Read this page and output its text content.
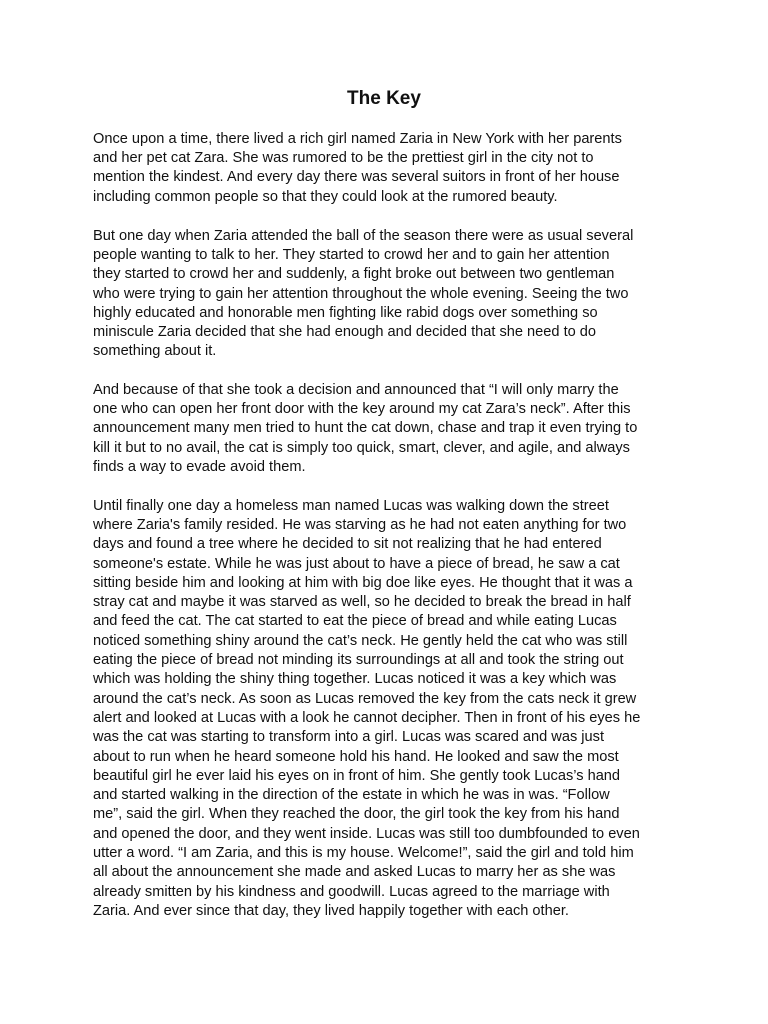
The Key
Once upon a time, there lived a rich girl named Zaria in New York with her parents
and her pet cat Zara. She was rumored to be the prettiest girl in the city not to
mention the kindest. And every day there was several suitors in front of her house
including common people so that they could look at the rumored beauty.
But one day when Zaria attended the ball of the season there were as usual several
people wanting to talk to her. They started to crowd her and to gain her attention
they started to crowd her and suddenly, a fight broke out between two gentleman
who were trying to gain her attention throughout the whole evening. Seeing the two
highly educated and honorable men fighting like rabid dogs over something so
miniscule Zaria decided that she had enough and decided that she need to do
something about it.
And because of that she took a decision and announced that “I will only marry the
one who can open her front door with the key around my cat Zara’s neck”. After this
announcement many men tried to hunt the cat down, chase and trap it even trying to
kill it but to no avail, the cat is simply too quick, smart, clever, and agile, and always
finds a way to evade avoid them.
Until finally one day a homeless man named Lucas was walking down the street
where Zaria's family resided. He was starving as he had not eaten anything for two
days and found a tree where he decided to sit not realizing that he had entered
someone's estate. While he was just about to have a piece of bread, he saw a cat
sitting beside him and looking at him with big doe like eyes. He thought that it was a
stray cat and maybe it was starved as well, so he decided to break the bread in half
and feed the cat. The cat started to eat the piece of bread and while eating Lucas
noticed something shiny around the cat’s neck. He gently held the cat who was still
eating the piece of bread not minding its surroundings at all and took the string out
which was holding the shiny thing together. Lucas noticed it was a key which was
around the cat’s neck. As soon as Lucas removed the key from the cats neck it grew
alert and looked at Lucas with a look he cannot decipher. Then in front of his eyes he
was the cat was starting to transform into a girl. Lucas was scared and was just
about to run when he heard someone hold his hand. He looked and saw the most
beautiful girl he ever laid his eyes on in front of him. She gently took Lucas’s hand
and started walking in the direction of the estate in which he was in was. “Follow
me”, said the girl. When they reached the door, the girl took the key from his hand
and opened the door, and they went inside. Lucas was still too dumbfounded to even
utter a word. “I am Zaria, and this is my house. Welcome!”, said the girl and told him
all about the announcement she made and asked Lucas to marry her as she was
already smitten by his kindness and goodwill. Lucas agreed to the marriage with
Zaria. And ever since that day, they lived happily together with each other.
